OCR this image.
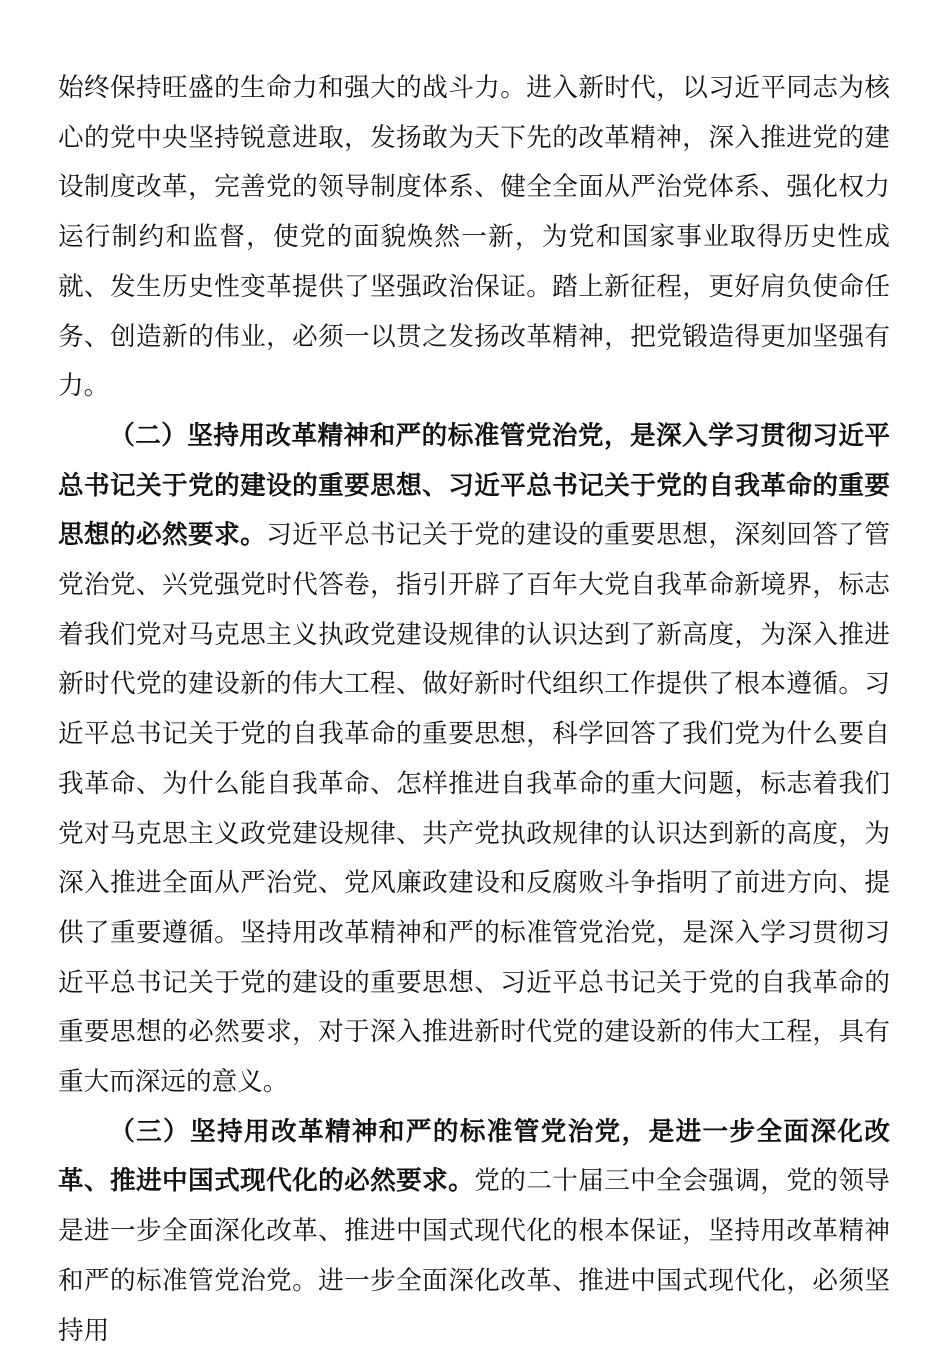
始终保持旺盛的生命力和强大的战斗力。进入新时代，以习近平同志为核心的党中央坚持锐意进取，发扬敢为天下先的改革精神，深入推进党的建设制度改革，完善党的领导制度体系、健全全面从严治党体系、强化权力运行制约和监督，使党的面貌焕然一新，为党和国家事业取得历史性成就、发生历史性变革提供了坚强政治保证。踏上新征程，更好肩负使命任务、创造新的伟业，必须一以贯之发扬改革精神，把党锻造得更加坚强有力。

（二）坚持用改革精神和严的标准管党治党，是深入学习贯彻习近平总书记关于党的建设的重要思想、习近平总书记关于党的自我革命的重要思想的必然要求。习近平总书记关于党的建设的重要思想，深刻回答了管党治党、兴党强党时代答卷，指引开辟了百年大党自我革命新境界，标志着我们党对马克思主义执政党建设规律的认识达到了新高度，为深入推进新时代党的建设新的伟大工程、做好新时代组织工作提供了根本遵循。习近平总书记关于党的自我革命的重要思想，科学回答了我们党为什么要自我革命、为什么能自我革命、怎样推进自我革命的重大问题，标志着我们党对马克思主义政党建设规律、共产党执政规律的认识达到新的高度，为深入推进全面从严治党、党风廉政建设和反腐败斗争指明了前进方向、提供了重要遵循。坚持用改革精神和严的标准管党治党，是深入学习贯彻习近平总书记关于党的建设的重要思想、习近平总书记关于党的自我革命的重要思想的必然要求，对于深入推进新时代党的建设新的伟大工程，具有重大而深远的意义。

（三）坚持用改革精神和严的标准管党治党，是进一步全面深化改革、推进中国式现代化的必然要求。党的二十届三中全会强调，党的领导是进一步全面深化改革、推进中国式现代化的根本保证，坚持用改革精神和严的标准管党治党。进一步全面深化改革、推进中国式现代化，必须坚持用
